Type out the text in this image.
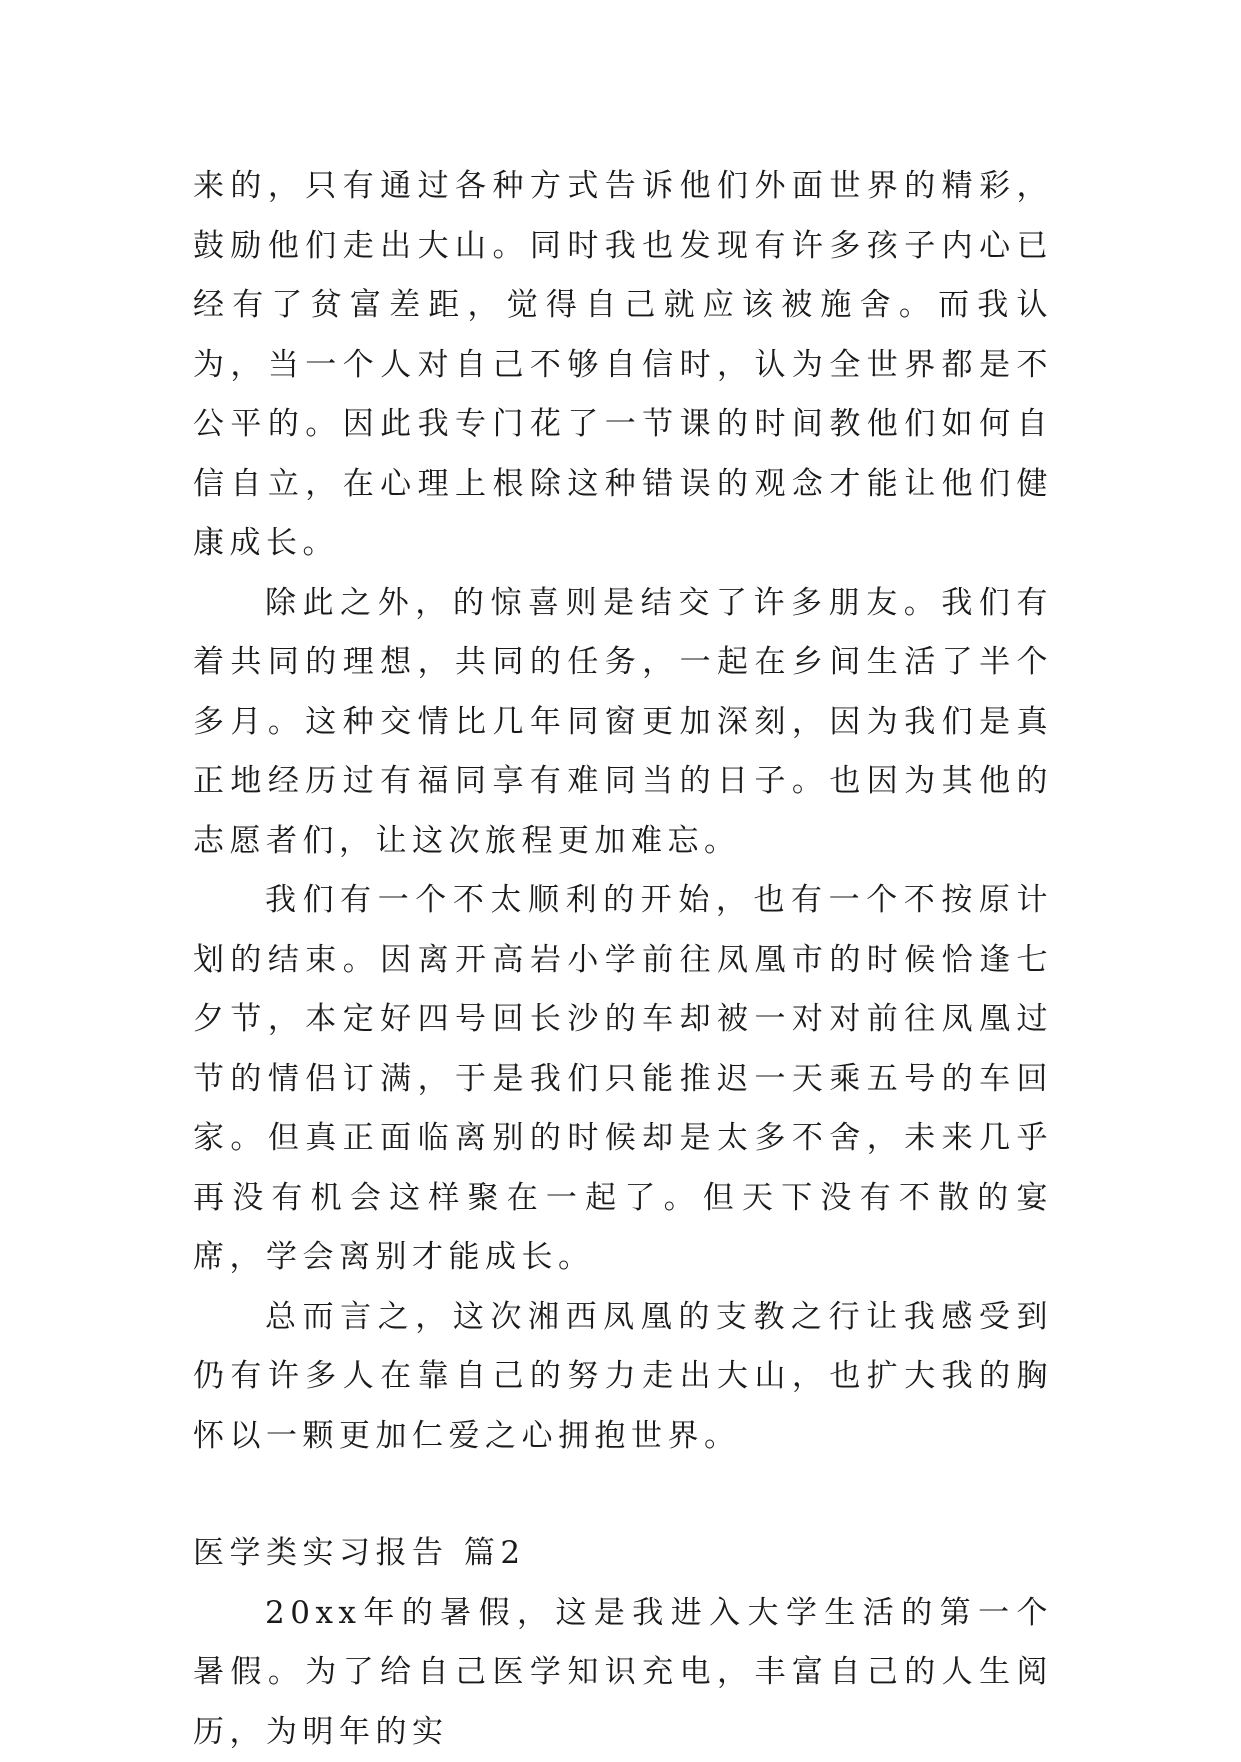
来的，只有通过各种方式告诉他们外面世界的精彩，鼓励他们走出大山。同时我也发现有许多孩子内心已经有了贫富差距，觉得自己就应该被施舍。而我认为，当一个人对自己不够自信时，认为全世界都是不公平的。因此我专门花了一节课的时间教他们如何自信自立，在心理上根除这种错误的观念才能让他们健康成长。

除此之外，的惊喜则是结交了许多朋友。我们有着共同的理想，共同的任务，一起在乡间生活了半个多月。这种交情比几年同窗更加深刻，因为我们是真正地经历过有福同享有难同当的日子。也因为其他的志愿者们，让这次旅程更加难忘。

我们有一个不太顺利的开始，也有一个不按原计划的结束。因离开高岩小学前往凤凰市的时候恰逢七夕节，本定好四号回长沙的车却被一对对前往凤凰过节的情侣订满，于是我们只能推迟一天乘五号的车回家。但真正面临离别的时候却是太多不舍，未来几乎再没有机会这样聚在一起了。但天下没有不散的宴席，学会离别才能成长。

总而言之，这次湘西凤凰的支教之行让我感受到仍有许多人在靠自己的努力走出大山，也扩大我的胸怀以一颗更加仁爱之心拥抱世界。

医学类实习报告 篇2

20xx年的暑假，这是我进入大学生活的第一个暑假。为了给自己医学知识充电，丰富自己的人生阅历，为明年的实
